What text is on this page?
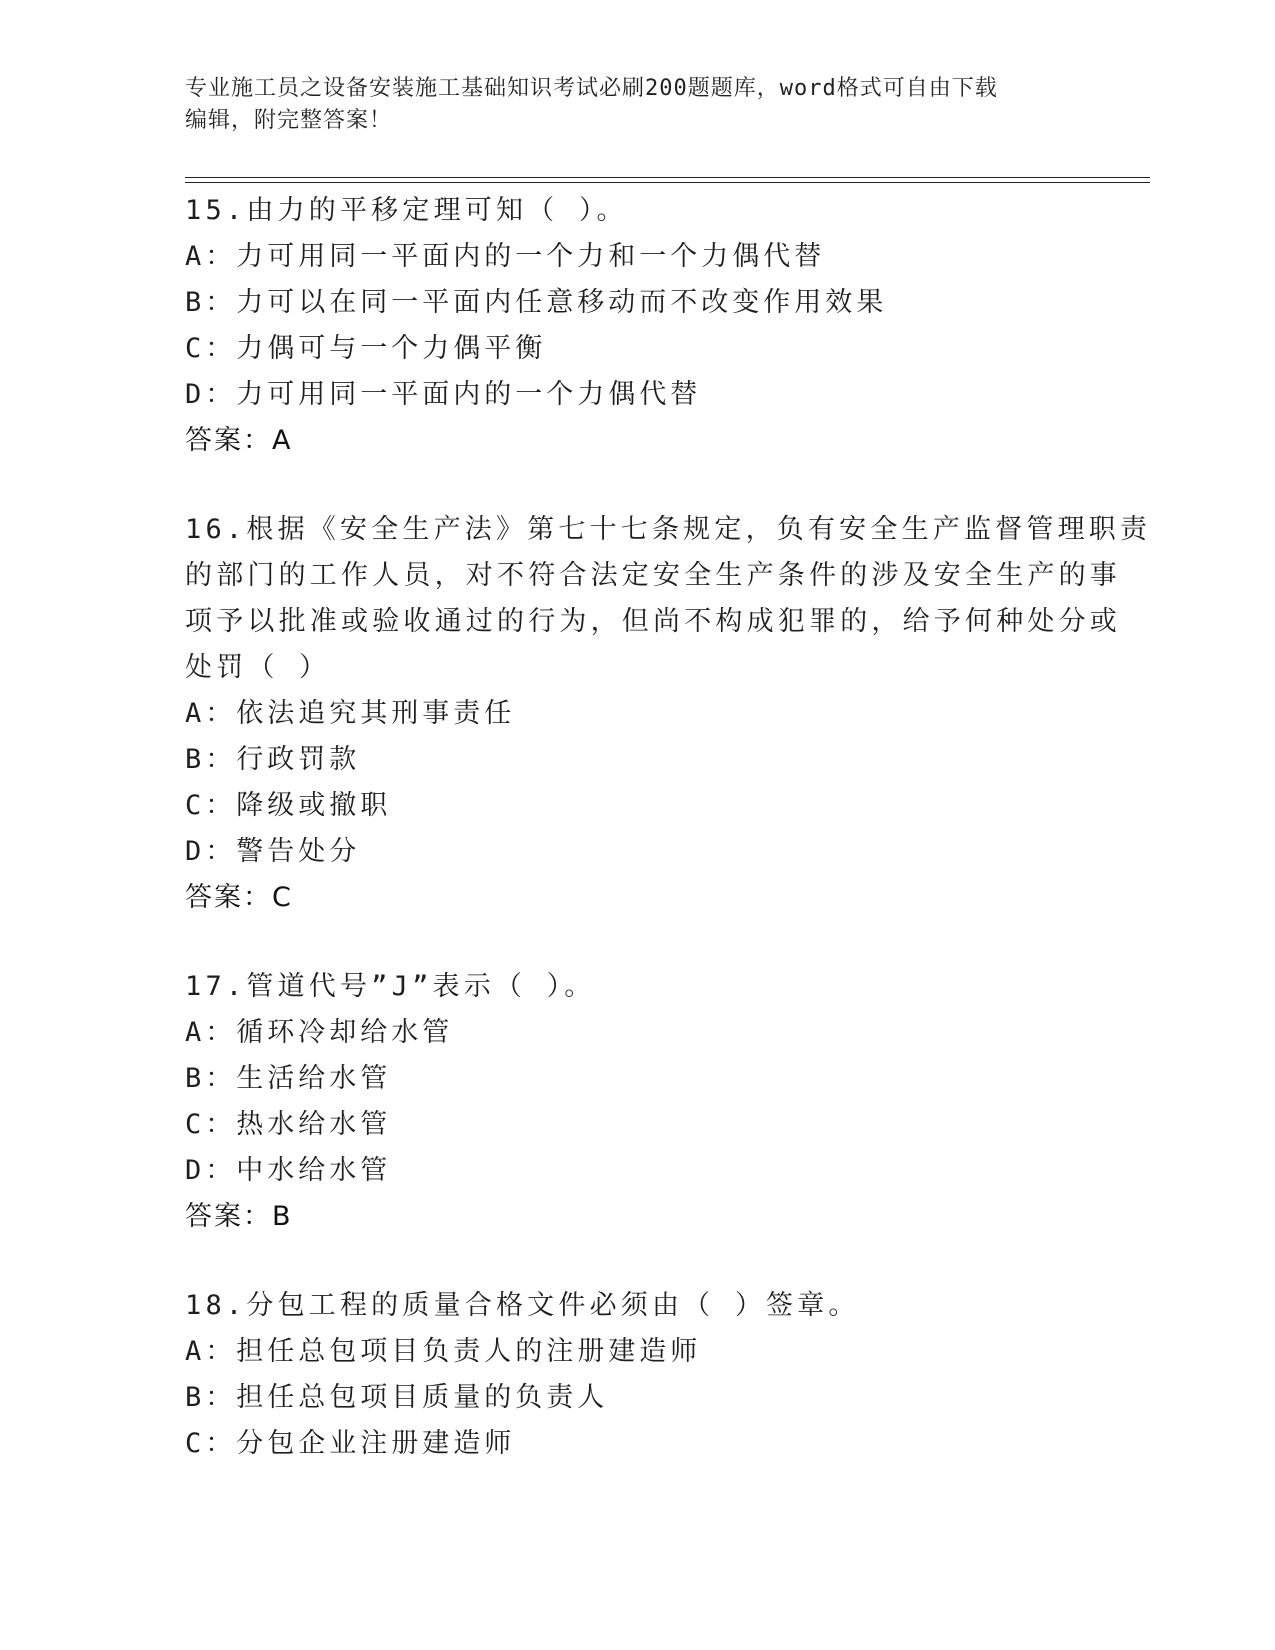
专业施工员之设备安装施工基础知识考试必刷200题题库，word格式可自由下载
编辑，附完整答案！
15.由力的平移定理可知（ ）。
A：力可用同一平面内的一个力和一个力偶代替
B：力可以在同一平面内任意移动而不改变作用效果
C：力偶可与一个力偶平衡
D：力可用同一平面内的一个力偶代替
答案：A
16.根据《安全生产法》第七十七条规定，负有安全生产监督管理职责
的部门的工作人员，对不符合法定安全生产条件的涉及安全生产的事
项予以批准或验收通过的行为，但尚不构成犯罪的，给予何种处分或
处罚（ ）
A：依法追究其刑事责任
B：行政罚款
C：降级或撤职
D：警告处分
答案：C
17.管道代号”J”表示（ ）。
A：循环冷却给水管
B：生活给水管
C：热水给水管
D：中水给水管
答案：B
18.分包工程的质量合格文件必须由（ ）签章。
A：担任总包项目负责人的注册建造师
B：担任总包项目质量的负责人
C：分包企业注册建造师
